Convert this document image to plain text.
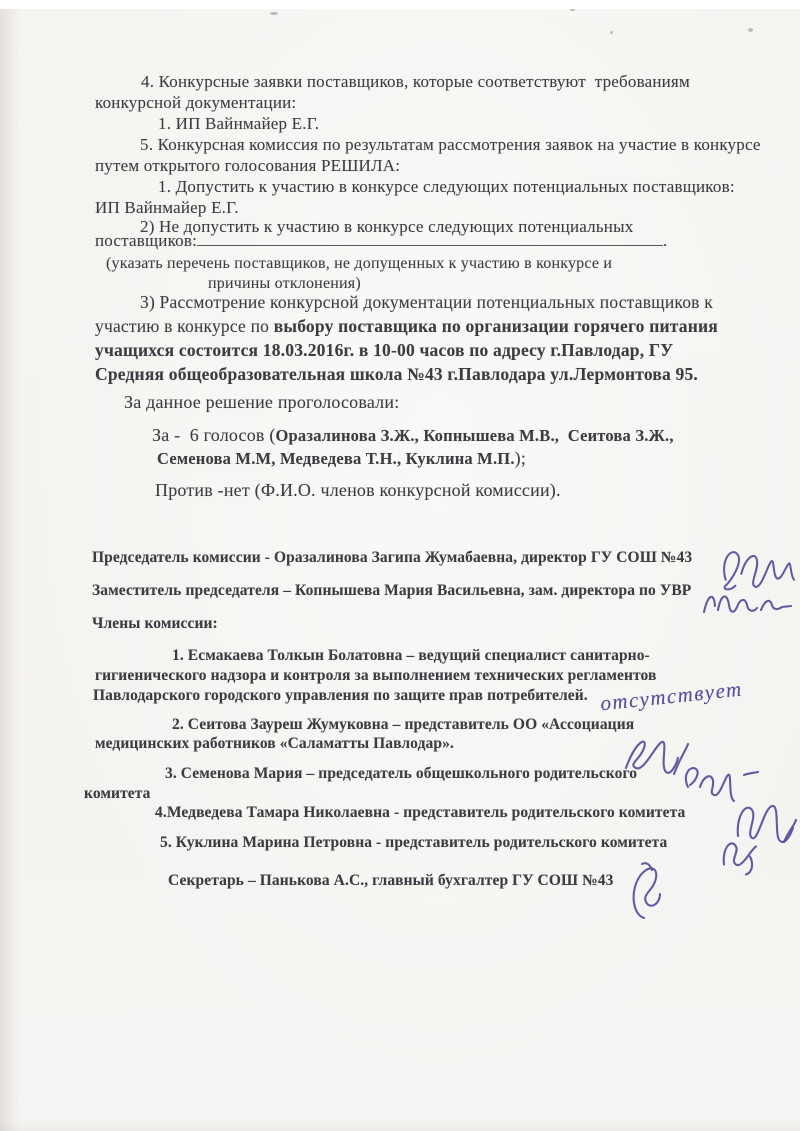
4. Конкурсные заявки поставщиков, которые соответствуют  требованиям
конкурсной документации:
1. ИП Вайнмайер Е.Г.
5. Конкурсная комиссия по результатам рассмотрения заявок на участие в конкурсе
путем открытого голосования РЕШИЛА:
1. Допустить к участию в конкурсе следующих потенциальных поставщиков:
ИП Вайнмайер Е.Г.
2) Не допустить к участию в конкурсе следующих потенциальных
поставщиков:	.
(указать перечень поставщиков, не допущенных к участию в конкурсе и
причины отклонения)
3) Рассмотрение конкурсной документации потенциальных поставщиков к
участию в конкурсе по выбору поставщика по организации горячего питания
учащихся состоится 18.03.2016г. в 10-00 часов по адресу г.Павлодар, ГУ
Средняя общеобразовательная школа №43 г.Павлодара ул.Лермонтова 95.
За данное решение проголосовали:
За -  6 голосов (Оразалинова З.Ж., Копнышева М.В.,  Сеитова З.Ж.,
Семенова М.М, Медведева Т.Н., Куклина М.П.);
Против -нет (Ф.И.О. членов конкурсной комиссии).
Председатель комиссии - Оразалинова Загипа Жумабаевна, директор ГУ СОШ №43
Заместитель председателя – Копнышева Мария Васильевна, зам. директора по УВР
Члены комиссии:
1. Есмакаева Толкын Болатовна – ведущий специалист санитарно-
гигиенического надзора и контроля за выполнением технических регламентов
Павлодарского городского управления по защите прав потребителей.
2. Сеитова Зауреш Жумуковна – представитель ОО «Ассоциация
медицинских работников «Саламатты Павлодар».
3. Семенова Мария – председатель общешкольного родительского
комитета
4.Медведева Тамара Николаевна - представитель родительского комитета
5. Куклина Марина Петровна - представитель родительского комитета
Секретарь – Панькова А.С., главный бухгалтер ГУ СОШ №43
отсутствует
